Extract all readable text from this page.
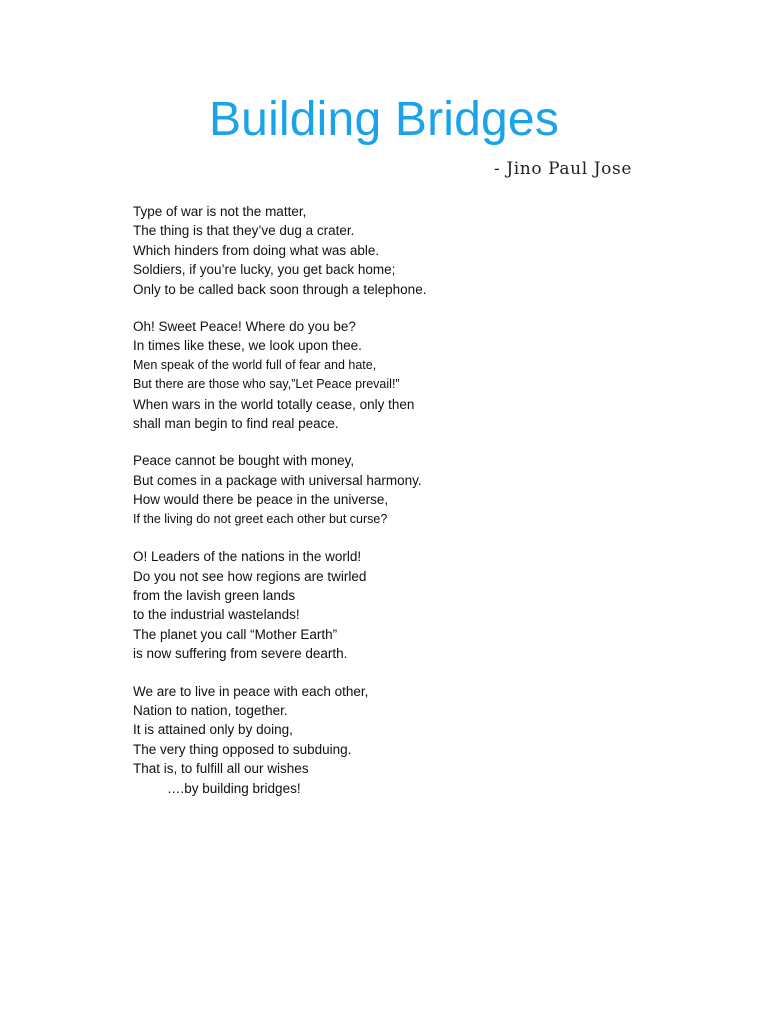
Building Bridges
- Jino Paul Jose
Type of war is not the matter,
The thing is that they’ve dug a crater.
Which hinders from doing what was able.
Soldiers, if you’re lucky, you get back home;
Only to be called back soon through a telephone.
Oh! Sweet Peace! Where do you be?
In times like these, we look upon thee.
Men speak of the world full of fear and hate,
But there are those who say,”Let Peace prevail!”
When wars in the world totally cease, only then
shall man begin to find real peace.
Peace cannot be bought with money,
But comes in a package with universal harmony.
How would there be peace in the universe,
If the living do not greet each other but curse?
O! Leaders of the nations in the world!
Do you not see how regions are twirled
from the lavish green lands
to the industrial wastelands!
The planet you call “Mother Earth”
is now suffering from severe dearth.
We are to live in peace with each other,
Nation to nation, together.
It is attained only by doing,
The very thing opposed to subduing.
That is, to fulfill all our wishes
….by building bridges!
